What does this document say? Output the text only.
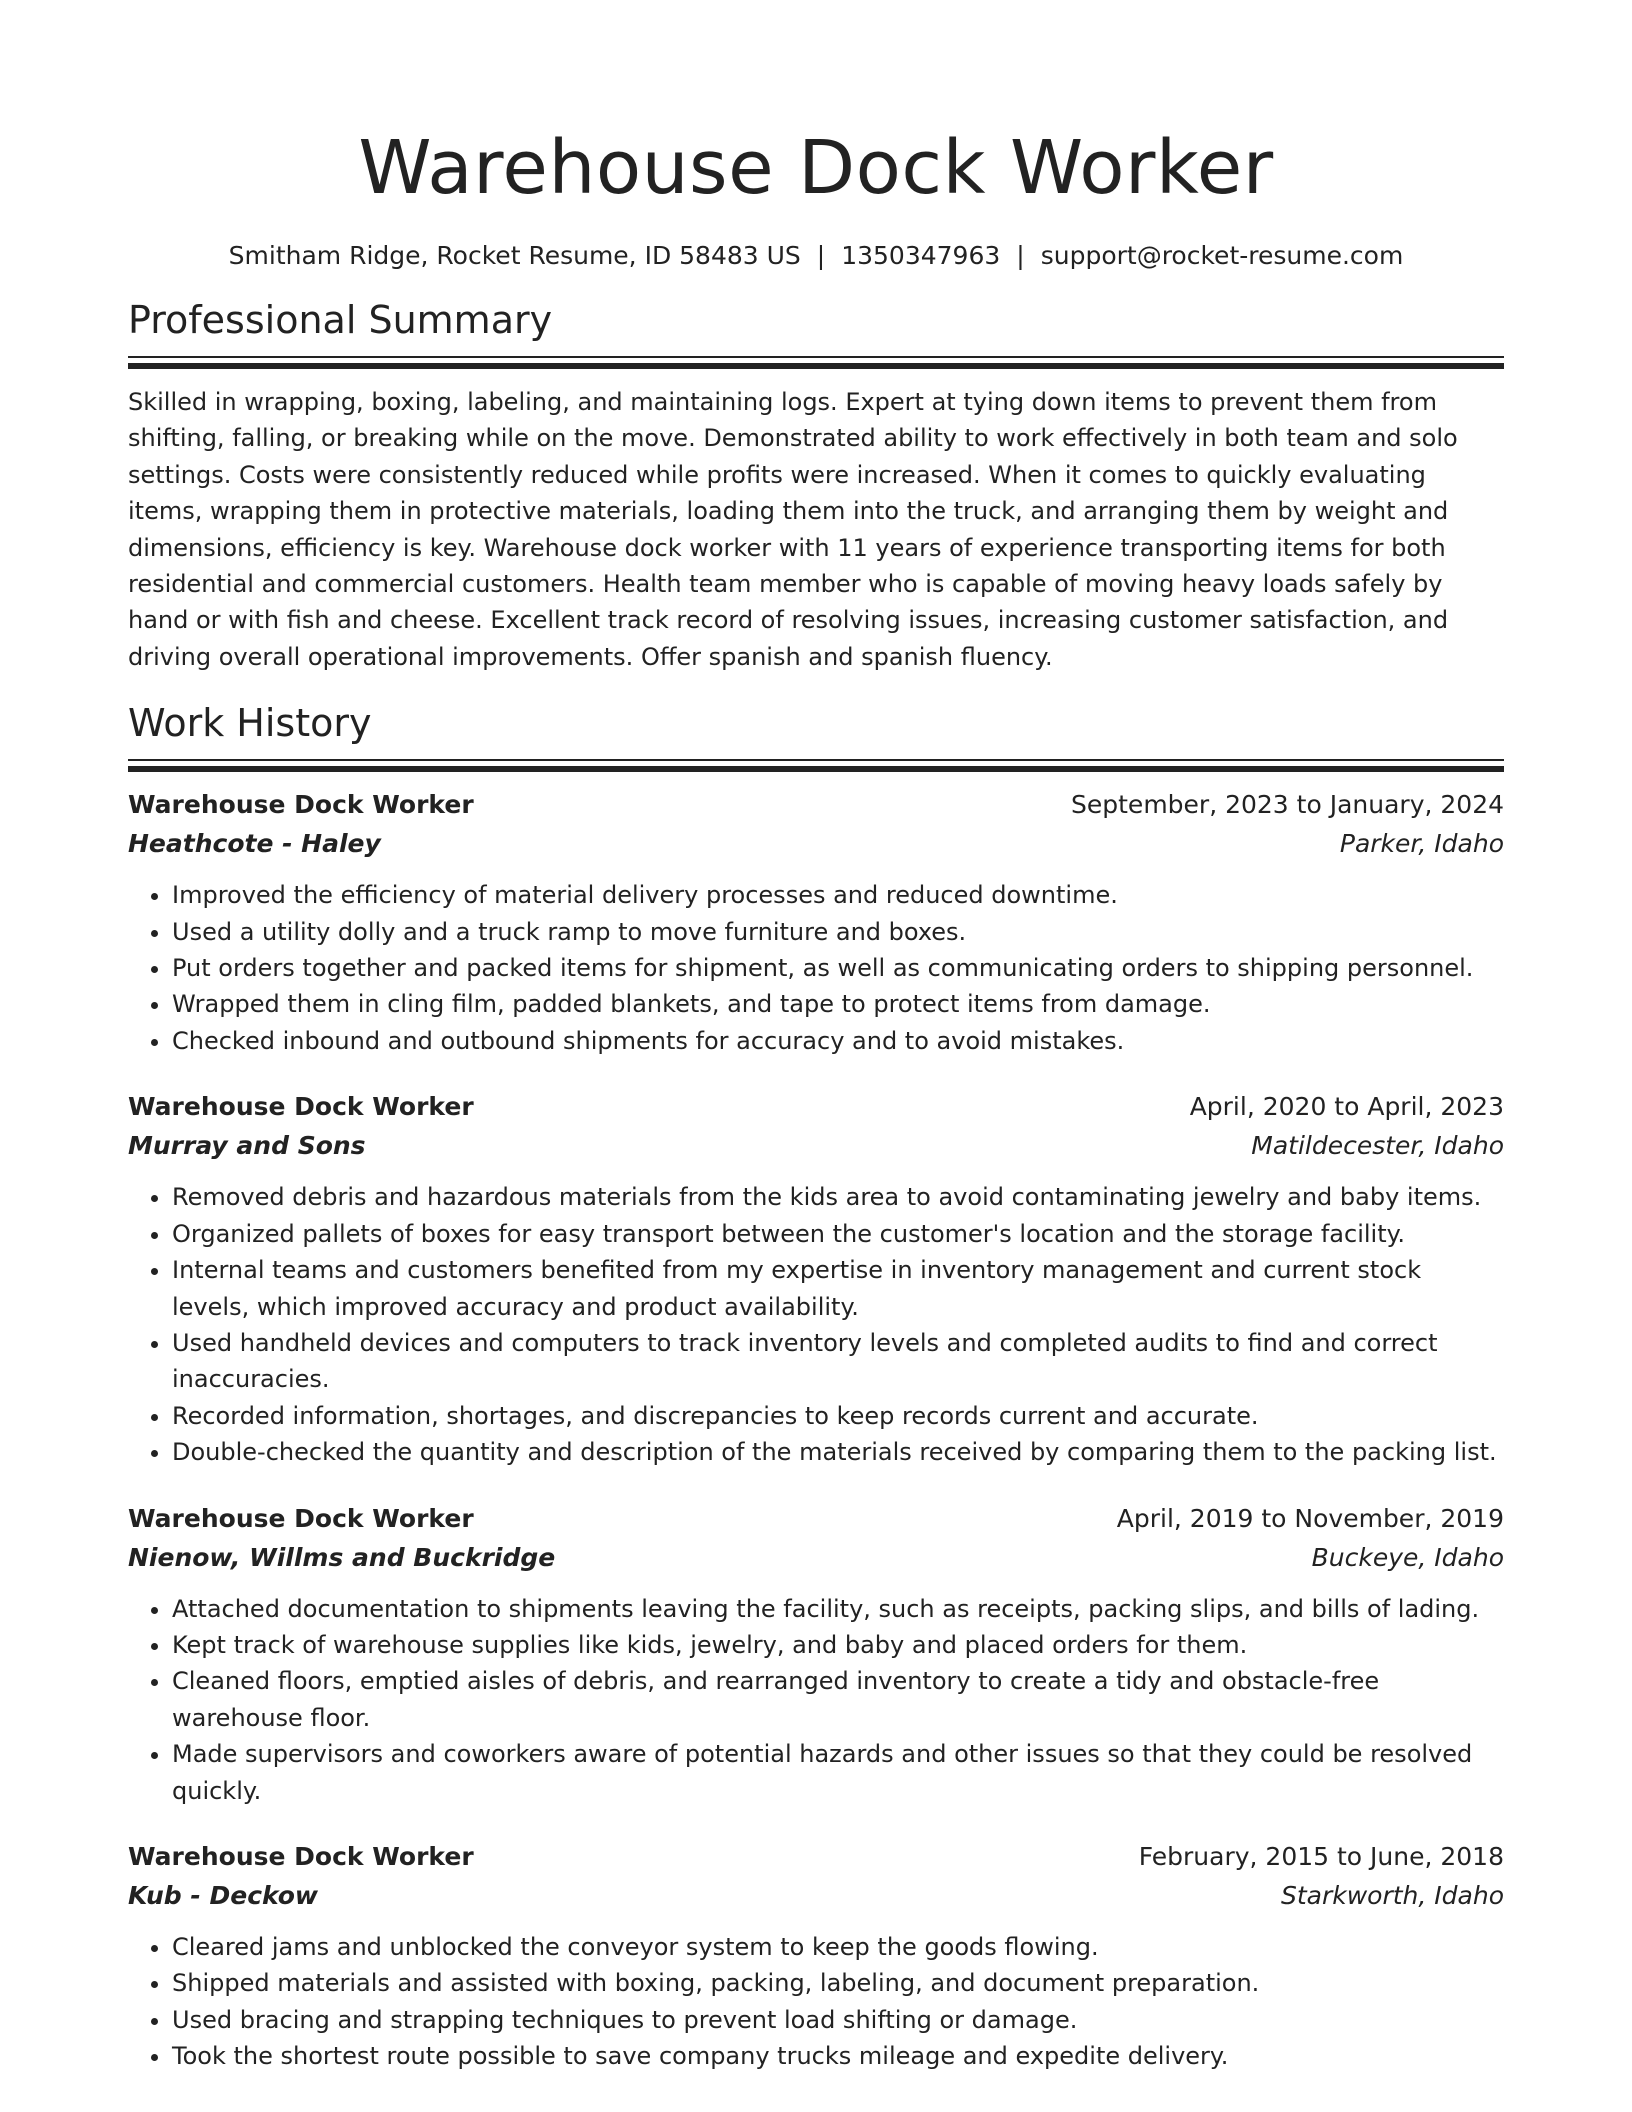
Warehouse Dock Worker
Smitham Ridge, Rocket Resume, ID 58483 US | 1350347963 | support@rocket-resume.com
Professional Summary

Skilled in wrapping, boxing, labeling, and maintaining logs. Expert at tying down items to prevent them from shifting, falling, or breaking while on the move. Demonstrated ability to work effectively in both team and solo settings. Costs were consistently reduced while profits were increased. When it comes to quickly evaluating items, wrapping them in protective materials, loading them into the truck, and arranging them by weight and dimensions, efficiency is key. Warehouse dock worker with 11 years of experience transporting items for both residential and commercial customers. Health team member who is capable of moving heavy loads safely by hand or with fish and cheese. Excellent track record of resolving issues, increasing customer satisfaction, and driving overall operational improvements. Offer spanish and spanish fluency.

Work History
Warehouse Dock Worker	September, 2023 to January, 2024
Heathcote - Haley	Parker, Idaho
• Improved the efficiency of material delivery processes and reduced downtime.
• Used a utility dolly and a truck ramp to move furniture and boxes.
• Put orders together and packed items for shipment, as well as communicating orders to shipping personnel.
• Wrapped them in cling film, padded blankets, and tape to protect items from damage.
• Checked inbound and outbound shipments for accuracy and to avoid mistakes.
Warehouse Dock Worker	April, 2020 to April, 2023
Murray and Sons	Matildecester, Idaho
• Removed debris and hazardous materials from the kids area to avoid contaminating jewelry and baby items.
• Organized pallets of boxes for easy transport between the customer's location and the storage facility.
• Internal teams and customers benefited from my expertise in inventory management and current stock levels, which improved accuracy and product availability.
• Used handheld devices and computers to track inventory levels and completed audits to find and correct inaccuracies.
• Recorded information, shortages, and discrepancies to keep records current and accurate.
• Double-checked the quantity and description of the materials received by comparing them to the packing list.
Warehouse Dock Worker	April, 2019 to November, 2019
Nienow, Willms and Buckridge	Buckeye, Idaho
• Attached documentation to shipments leaving the facility, such as receipts, packing slips, and bills of lading.
• Kept track of warehouse supplies like kids, jewelry, and baby and placed orders for them.
• Cleaned floors, emptied aisles of debris, and rearranged inventory to create a tidy and obstacle-free warehouse floor.
• Made supervisors and coworkers aware of potential hazards and other issues so that they could be resolved quickly.
Warehouse Dock Worker	February, 2015 to June, 2018
Kub - Deckow	Starkworth, Idaho
• Cleared jams and unblocked the conveyor system to keep the goods flowing.
• Shipped materials and assisted with boxing, packing, labeling, and document preparation.
• Used bracing and strapping techniques to prevent load shifting or damage.
• Took the shortest route possible to save company trucks mileage and expedite delivery.
